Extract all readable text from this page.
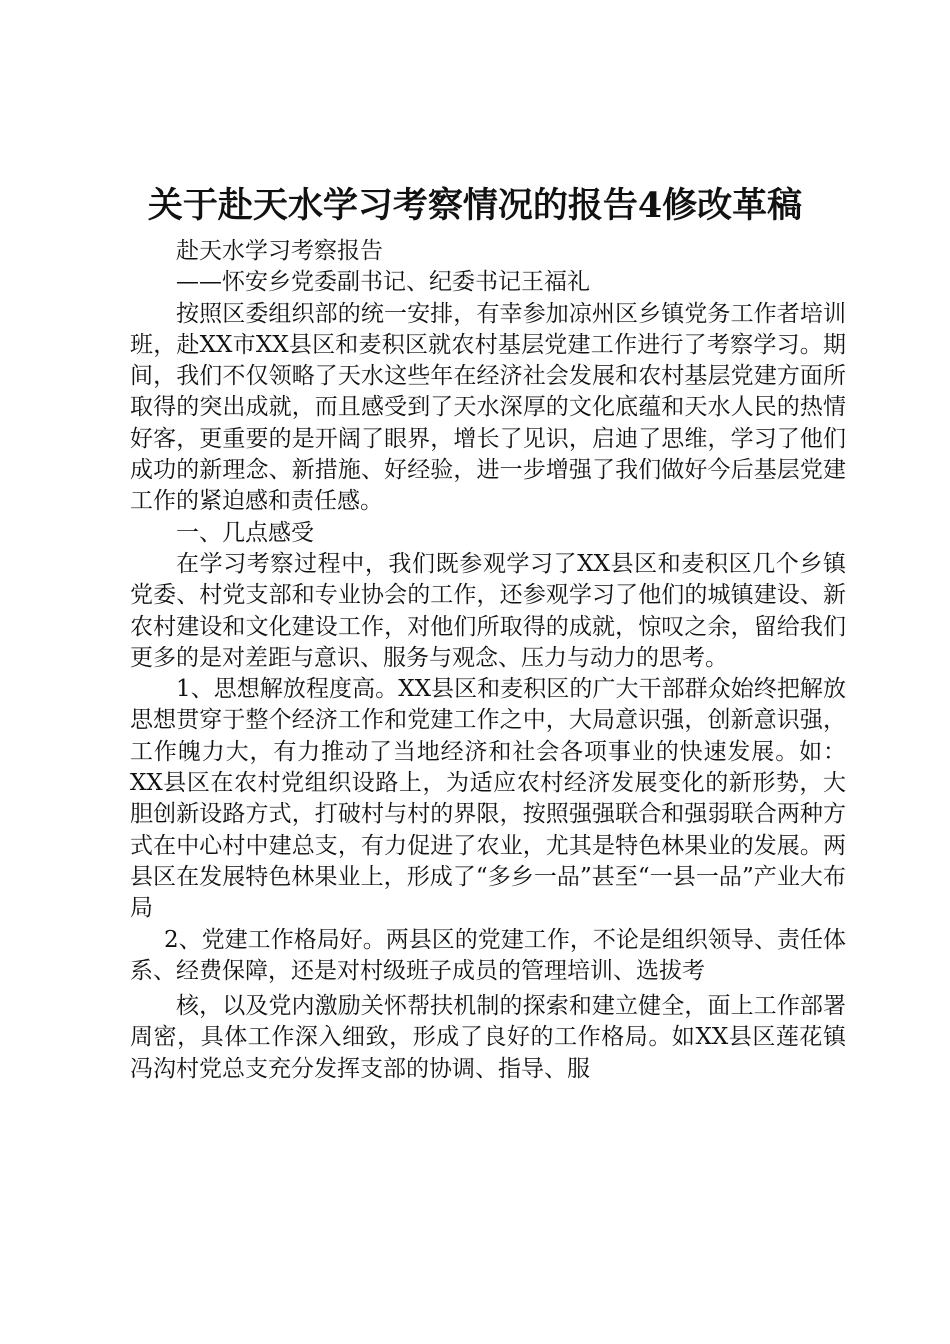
关于赴天水学习考察情况的报告4修改革稿

赴天水学习考察报告

——怀安乡党委副书记、纪委书记王福礼

按照区委组织部的统一安排，有幸参加凉州区乡镇党务工作者培训班，赴XX市XX县区和麦积区就农村基层党建工作进行了考察学习。期间，我们不仅领略了天水这些年在经济社会发展和农村基层党建方面所取得的突出成就，而且感受到了天水深厚的文化底蕴和天水人民的热情好客，更重要的是开阔了眼界，增长了见识，启迪了思维，学习了他们成功的新理念、新措施、好经验，进一步增强了我们做好今后基层党建工作的紧迫感和责任感。

一、几点感受

在学习考察过程中，我们既参观学习了XX县区和麦积区几个乡镇党委、村党支部和专业协会的工作，还参观学习了他们的城镇建设、新农村建设和文化建设工作，对他们所取得的成就，惊叹之余，留给我们更多的是对差距与意识、服务与观念、压力与动力的思考。

1、思想解放程度高。XX县区和麦积区的广大干部群众始终把解放思想贯穿于整个经济工作和党建工作之中，大局意识强，创新意识强，工作魄力大，有力推动了当地经济和社会各项事业的快速发展。如：XX县区在农村党组织设路上，为适应农村经济发展变化的新形势，大胆创新设路方式，打破村与村的界限，按照强强联合和强弱联合两种方式在中心村中建总支，有力促进了农业，尤其是特色林果业的发展。两县区在发展特色林果业上，形成了“多乡一品”甚至“一县一品”产业大布局

2、党建工作格局好。两县区的党建工作，不论是组织领导、责任体系、经费保障，还是对村级班子成员的管理培训、选拔考

核，以及党内激励关怀帮扶机制的探索和建立健全，面上工作部署周密，具体工作深入细致，形成了良好的工作格局。如XX县区莲花镇冯沟村党总支充分发挥支部的协调、指导、服
